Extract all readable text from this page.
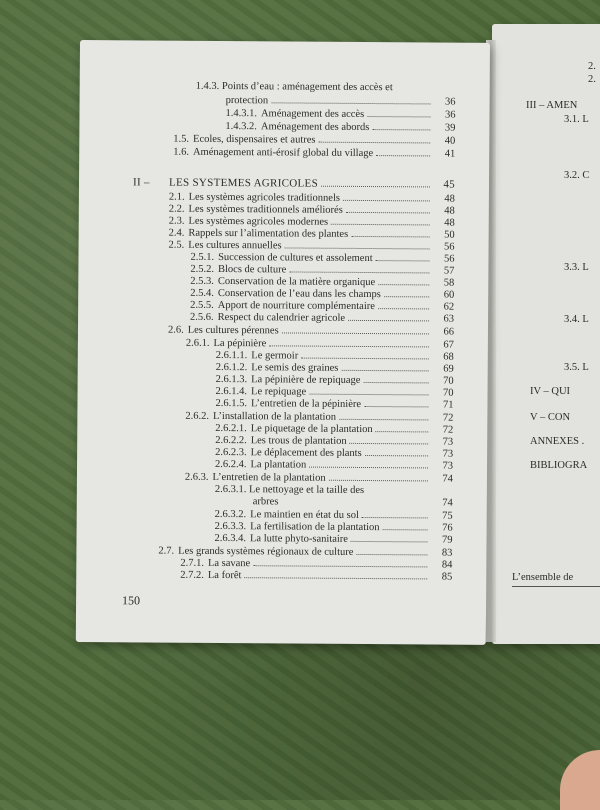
2.
2.
III – AMEN
3.1. L
3.2. C
3.3. L
3.4. L
3.5. L
IV – QUI
V – CON
ANNEXES .
BIBLIOGRA
L’ensemble de
1.4.3. Points d’eau : aménagement des accès et
protection	36
1.4.3.1. Aménagement des accès	36
1.4.3.2. Aménagement des abords	39
1.5. Ecoles, dispensaires et autres	40
1.6. Aménagement anti-érosif global du village	41
II –	LES SYSTEMES AGRICOLES	45
2.1. Les systèmes agricoles traditionnels	48
2.2. Les systèmes traditionnels améliorés	48
2.3. Les systèmes agricoles modernes	48
2.4. Rappels sur l’alimentation des plantes	50
2.5. Les cultures annuelles	56
2.5.1. Succession de cultures et assolement	56
2.5.2. Blocs de culture	57
2.5.3. Conservation de la matière organique	58
2.5.4. Conservation de l’eau dans les champs	60
2.5.5. Apport de nourriture complémentaire	62
2.5.6. Respect du calendrier agricole	63
2.6. Les cultures pérennes	66
2.6.1. La pépinière	67
2.6.1.1. Le germoir	68
2.6.1.2. Le semis des graines	69
2.6.1.3. La pépinière de repiquage	70
2.6.1.4. Le repiquage	70
2.6.1.5. L’entretien de la pépinière	71
2.6.2. L’installation de la plantation	72
2.6.2.1. Le piquetage de la plantation	72
2.6.2.2. Les trous de plantation	73
2.6.2.3. Le déplacement des plants	73
2.6.2.4. La plantation	73
2.6.3. L’entretien de la plantation	74
2.6.3.1. Le nettoyage et la taille des
arbres	74
2.6.3.2. Le maintien en état du sol	75
2.6.3.3. La fertilisation de la plantation	76
2.6.3.4. La lutte phyto-sanitaire	79
2.7. Les grands systèmes régionaux de culture	83
2.7.1. La savane	84
2.7.2. La forêt	85
150
